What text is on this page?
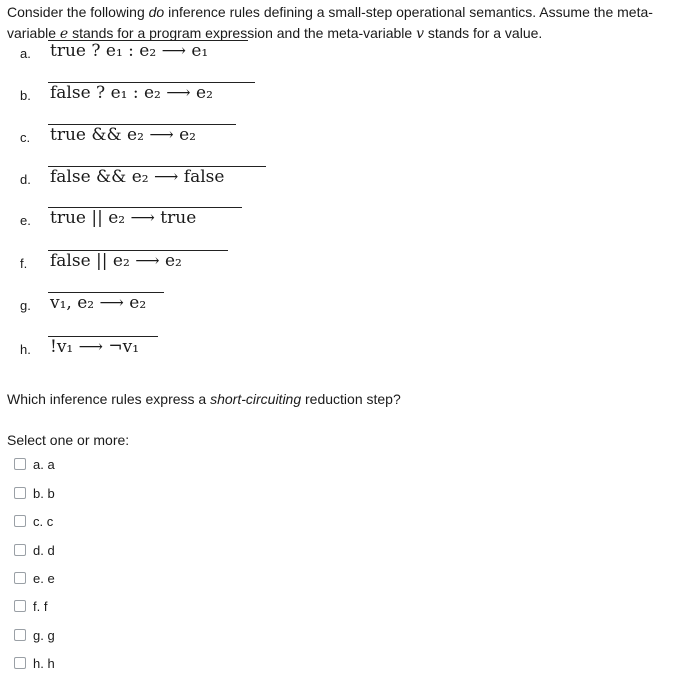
Consider the following do inference rules defining a small-step operational semantics. Assume the meta-variable e stands for a program expression and the meta-variable v stands for a value.
a. true ? e₁ : e₂ ⟶ e₁
b. false ? e₁ : e₂ ⟶ e₂
c. true && e₂ ⟶ e₂
d. false && e₂ ⟶ false
e. true || e₂ ⟶ true
f. false || e₂ ⟶ e₂
g. v₁, e₂ ⟶ e₂
h. !v₁ ⟶ ¬v₁
Which inference rules express a short-circuiting reduction step?
Select one or more:
a. a
b. b
c. c
d. d
e. e
f. f
g. g
h. h
